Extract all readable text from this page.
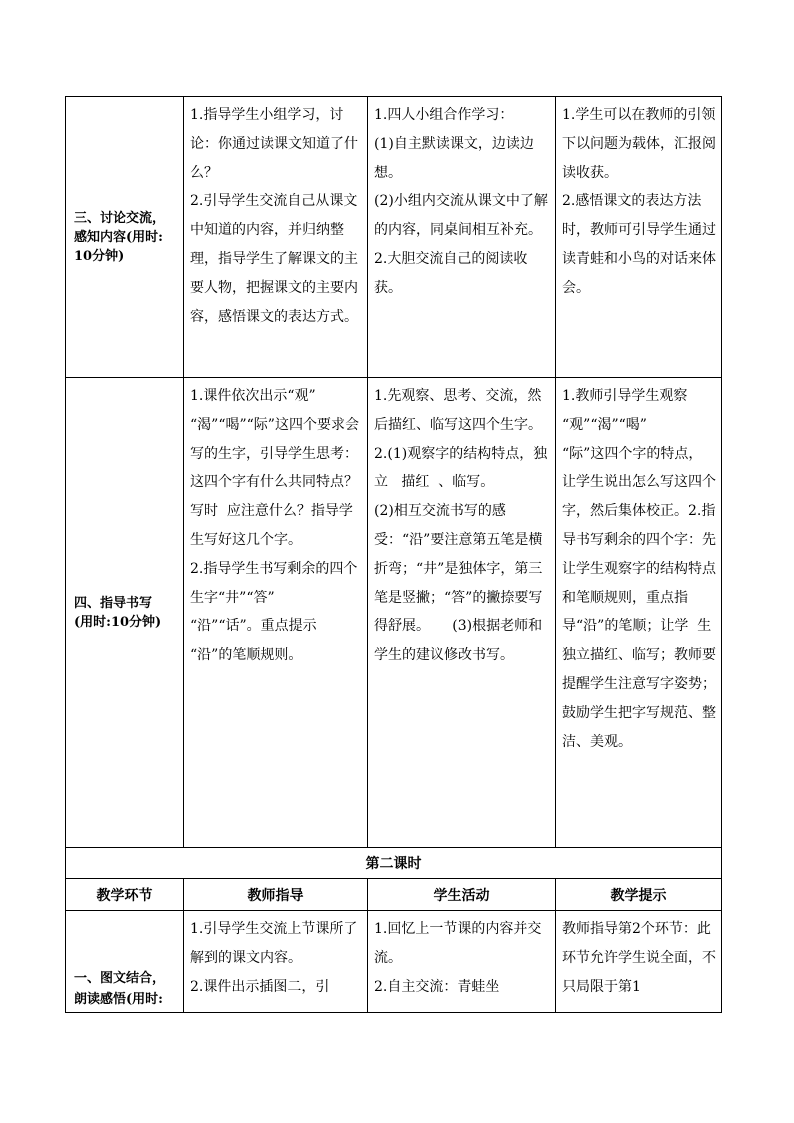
三、讨论交流，
感知内容(用时:
10分钟)	1.指导学生小组学习，讨论：你通过读课文知道了什么？
2.引导学生交流自己从课文中知道的内容，并归纳整理，指导学生了解课文的主要人物，把握课文的主要内容，感悟课文的表达方式。	1.四人小组合作学习：
(1)自主默读课文，边读边想。
(2)小组内交流从课文中了解的内容，同桌间相互补充。
2.大胆交流自己的阅读收获。	1.学生可以在教师的引领下以问题为载体，汇报阅读收获。
2.感悟课文的表达方法时，教师可引导学生通过读青蛙和小鸟的对话来体会。

四、指导书写
(用时:10分钟)	1.课件依次出示“观”
“渴”“喝”“际”这四个要求会写的生字，引导学生思考：这四个字有什么共同特点？写时  应注意什么？指导学生写好这几个字。
2.指导学生书写剩余的四个  生字“井”“答”
“沿”“话”。重点提示
“沿”的笔顺规则。	1.先观察、思考、交流，然后描红、临写这四个生字。
2.(1)观察字的结构特点，独立   描红  、临写。
(2)相互交流书写的感受：“沿”要注意第五笔是横折弯；“井”是独体字，第三笔是竖撇；“答”的撇捺要写得舒展。     (3)根据老师和学生的建议修改书写。	1.教师引导学生观察
“观”“渴”“喝”
“际”这四个字的特点，让学生说出怎么写这四个字，然后集体校正。2.指导书写剩余的四个字：先让学生观察字的结构特点和笔顺规则，重点指导“沿”的笔顺；让学  生独立描红、临写；教师要提醒学生注意写字姿势；鼓励学生把字写规范、整洁、美观。

第二课时			
教学环节	教师指导	学生活动	教学提示
一、图文结合，
朗读感悟(用时:	1.引导学生交流上节课所了解到的课文内容。
2.课件出示插图二，引	1.回忆上一节课的内容并交流。
2.自主交流：青蛙坐	教师指导第2个环节：此环节允许学生说全面，不只局限于第1
